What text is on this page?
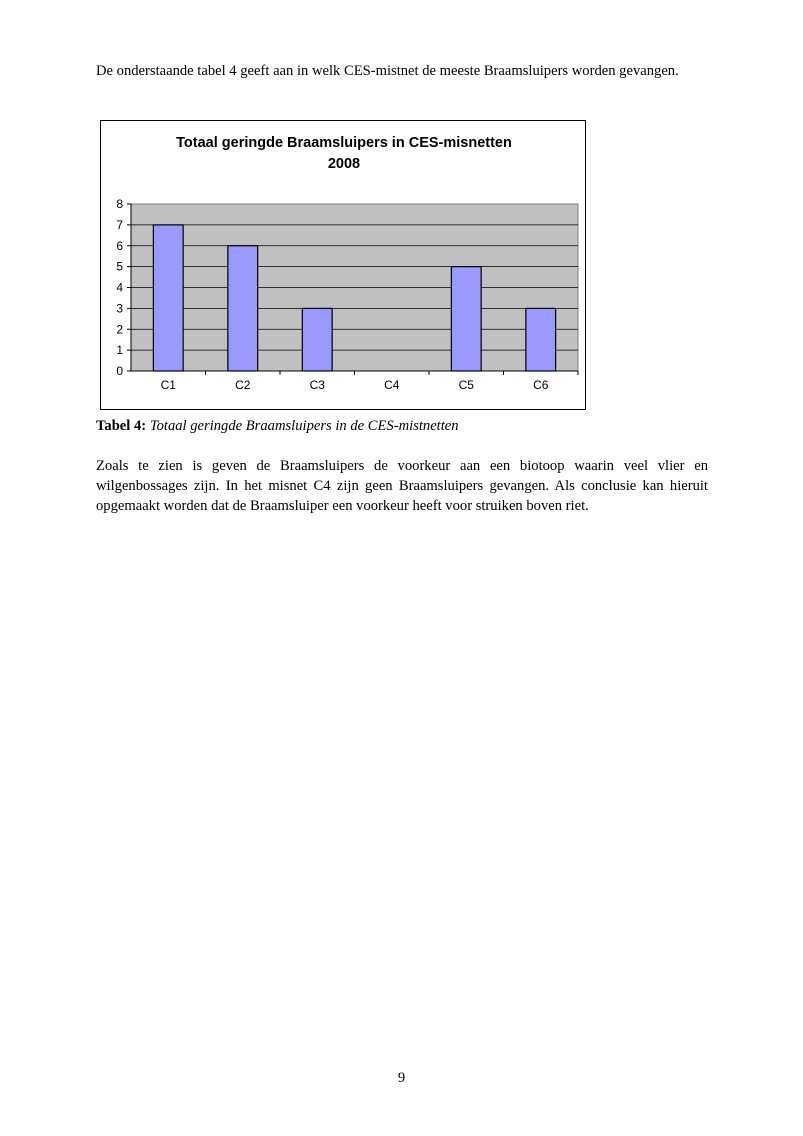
De onderstaande tabel 4 geeft aan in welk CES-mistnet de meeste Braamsluipers worden gevangen.

Totaal geringde Braamsluipers in CES-misnetten
2008
0
1
2
3
4
5
6
7
8
C1	C2	C3	C4	C5	C6
Tabel 4: Totaal geringde Braamsluipers in de CES-mistnetten

Zoals te zien is geven de Braamsluipers de voorkeur aan een biotoop waarin veel vlier en wilgenbossages zijn. In het misnet C4 zijn geen Braamsluipers gevangen. Als conclusie kan hieruit opgemaakt worden dat de Braamsluiper een voorkeur heeft voor struiken boven riet.

9
